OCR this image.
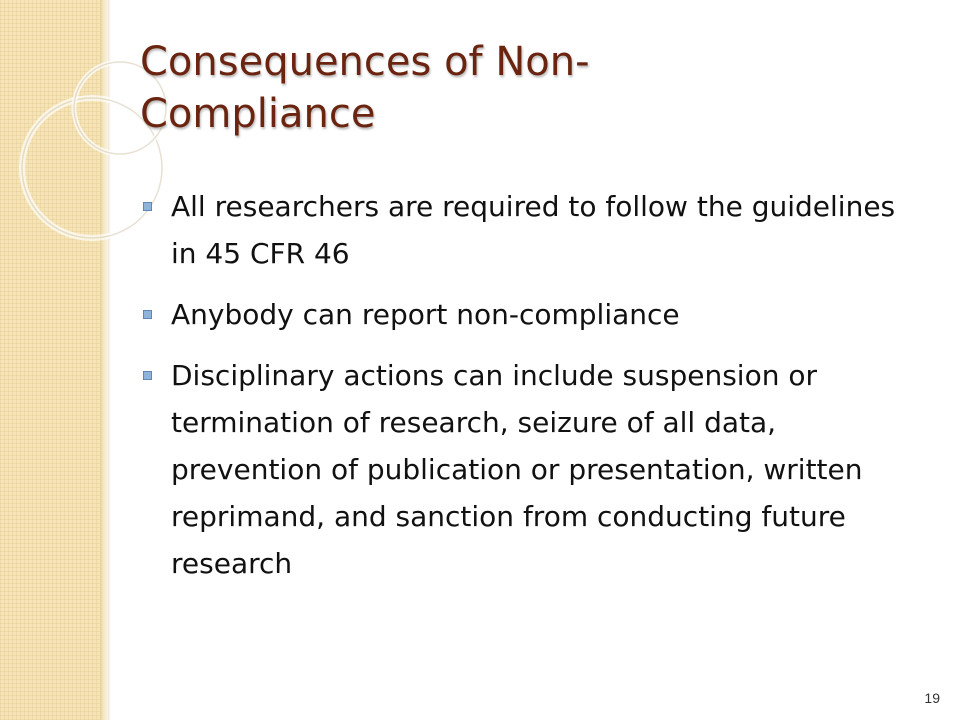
Consequences of Non-
Compliance
All researchers are required to follow the guidelines in 45 CFR 46
Anybody can report non-compliance
Disciplinary actions can include suspension or termination of research, seizure of all data, prevention of publication or presentation, written reprimand, and sanction from conducting future research
19
